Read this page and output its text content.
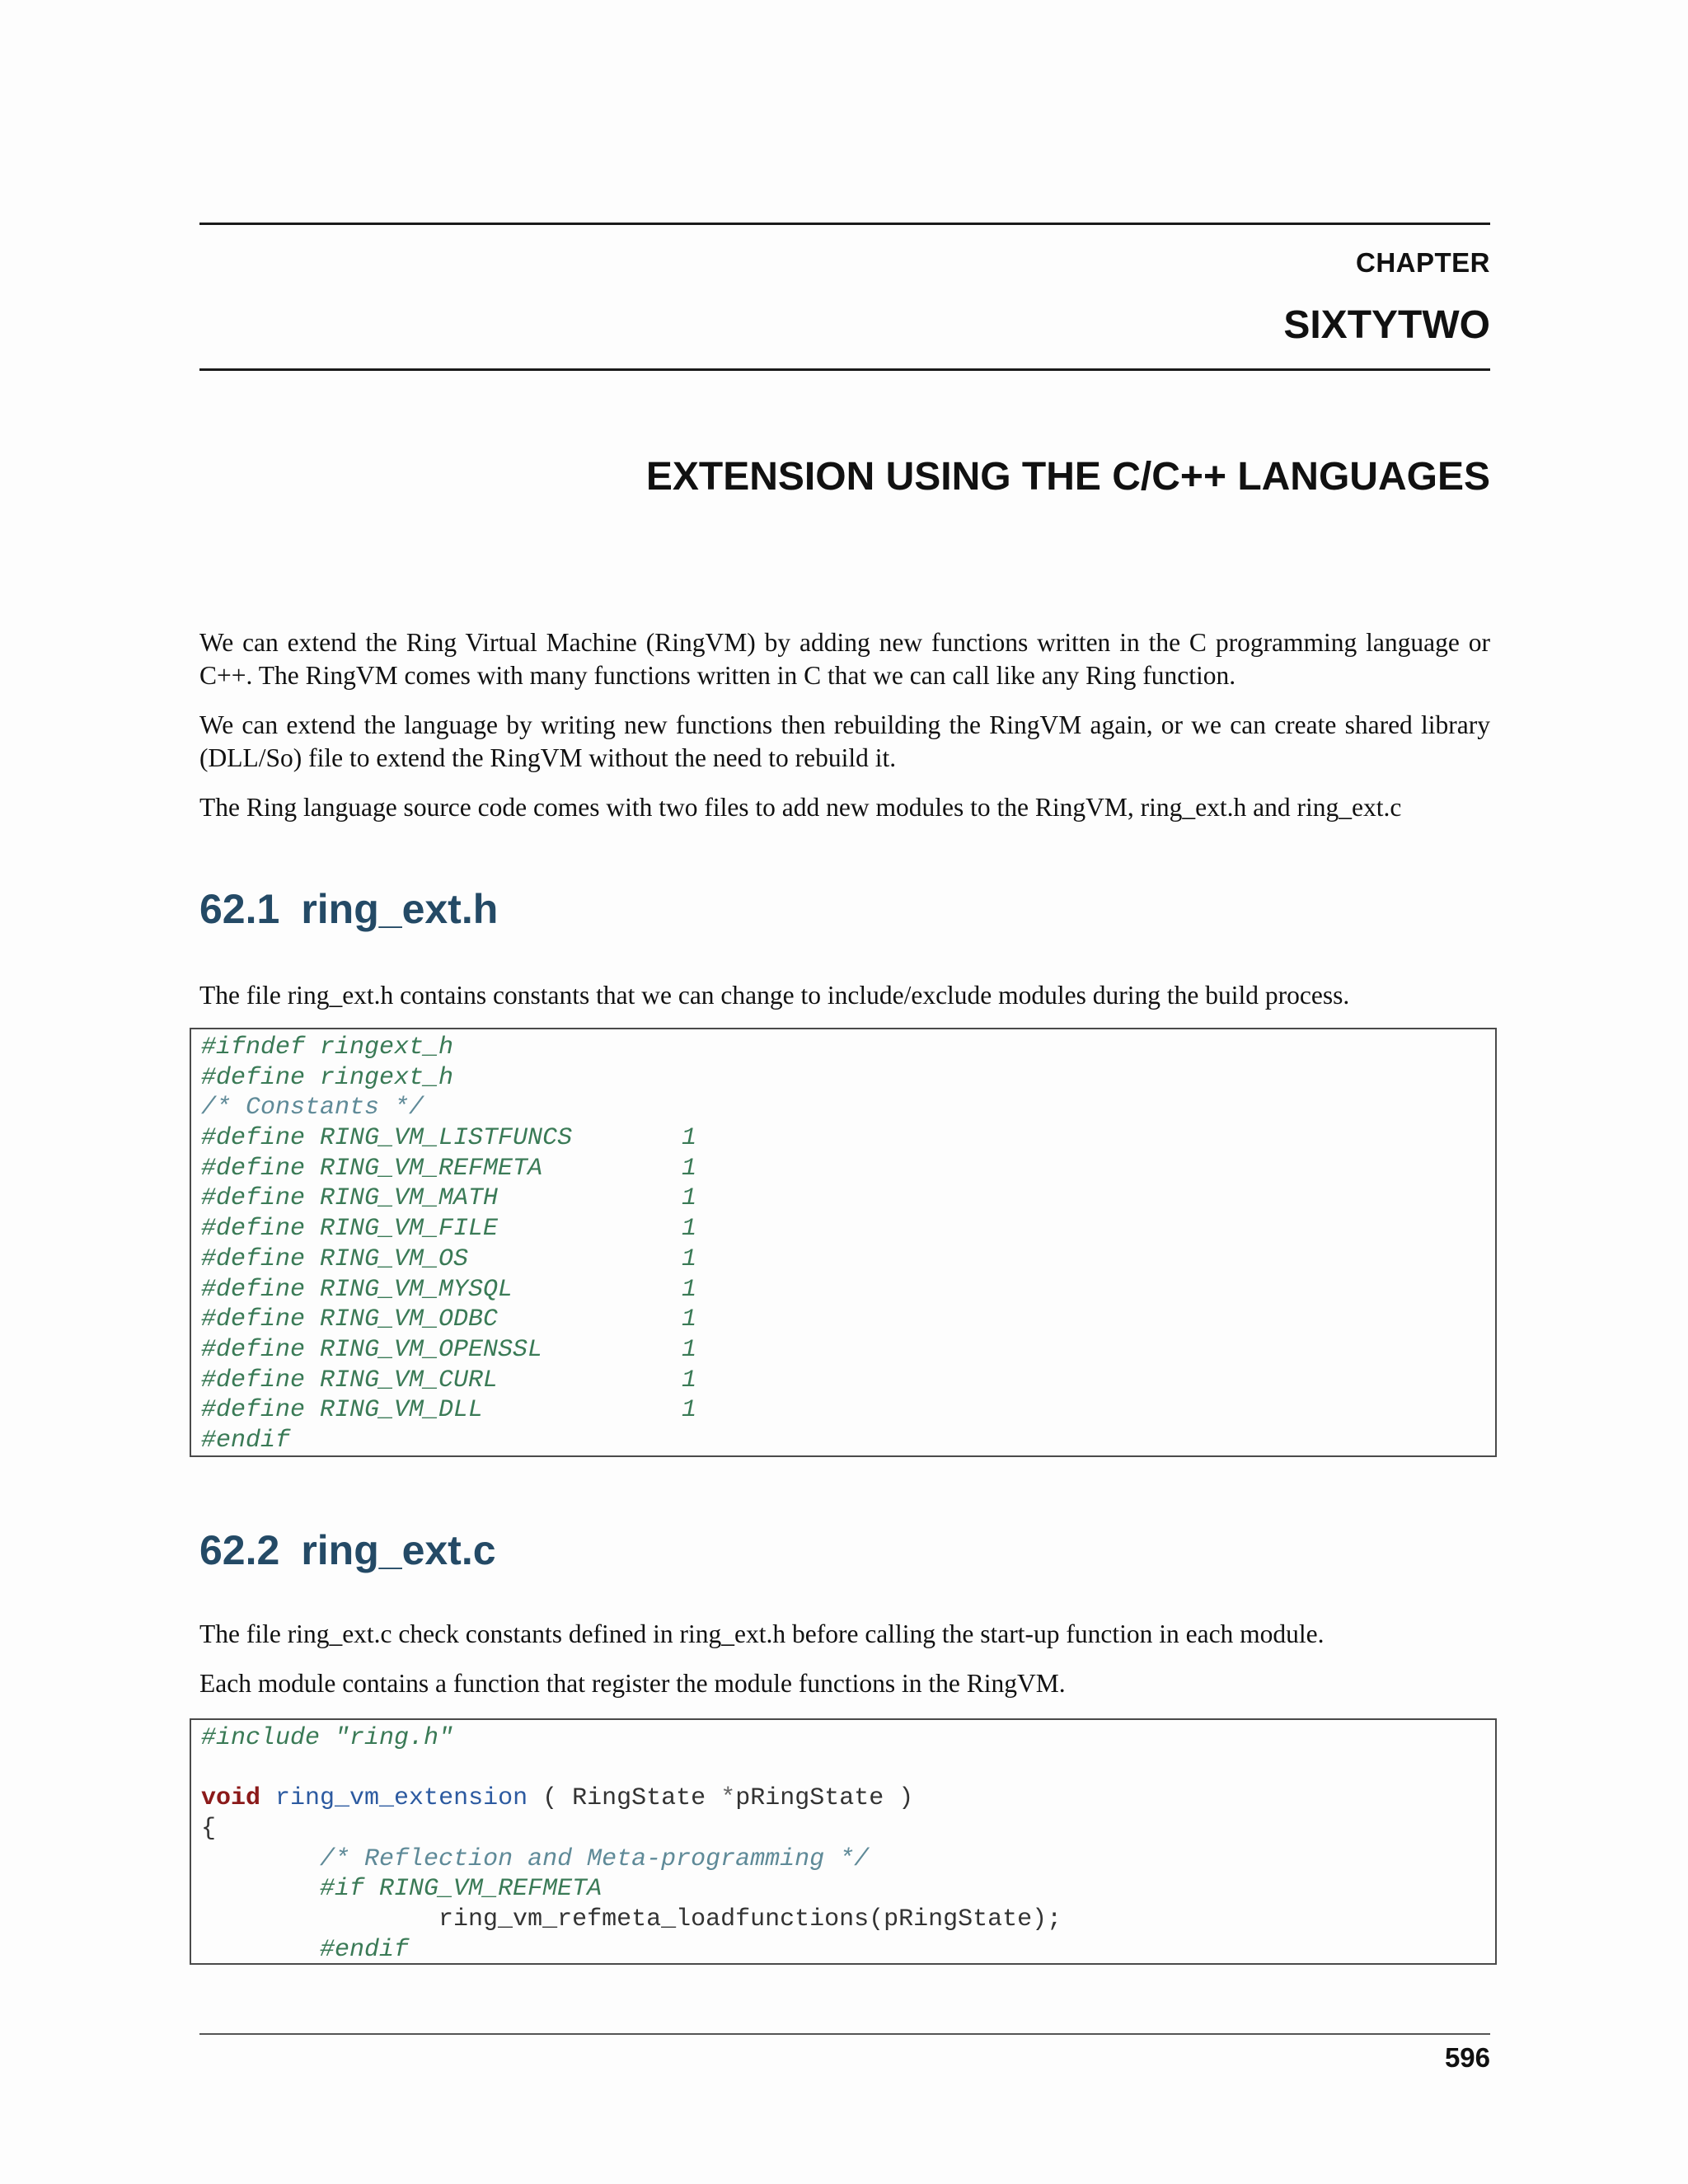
CHAPTER
SIXTYTWO
EXTENSION USING THE C/C++ LANGUAGES

We can extend the Ring Virtual Machine (RingVM) by adding new functions written in the C programming language or C++. The RingVM comes with many functions written in C that we can call like any Ring function.

We can extend the language by writing new functions then rebuilding the RingVM again, or we can create shared library (DLL/So) file to extend the RingVM without the need to rebuild it.

The Ring language source code comes with two files to add new modules to the RingVM, ring_ext.h and ring_ext.c

62.1 ring_ext.h

The file ring_ext.h contains constants that we can change to include/exclude modules during the build process.

#ifndef ringext_h
#define ringext_h
/* Constants */
#define RING_VM_LISTFUNCS	1
#define RING_VM_REFMETA	1
#define RING_VM_MATH	1
#define RING_VM_FILE	1
#define RING_VM_OS	1
#define RING_VM_MYSQL	1
#define RING_VM_ODBC	1
#define RING_VM_OPENSSL	1
#define RING_VM_CURL	1
#define RING_VM_DLL	1
#endif
62.2 ring_ext.c

The file ring_ext.c check constants defined in ring_ext.h before calling the start-up function in each module.

Each module contains a function that register the module functions in the RingVM.

#include "ring.h"

void ring_vm_extension ( RingState *pRingState )
{
/* Reflection and Meta-programming */
#if RING_VM_REFMETA
ring_vm_refmeta_loadfunctions(pRingState);
#endif
596
